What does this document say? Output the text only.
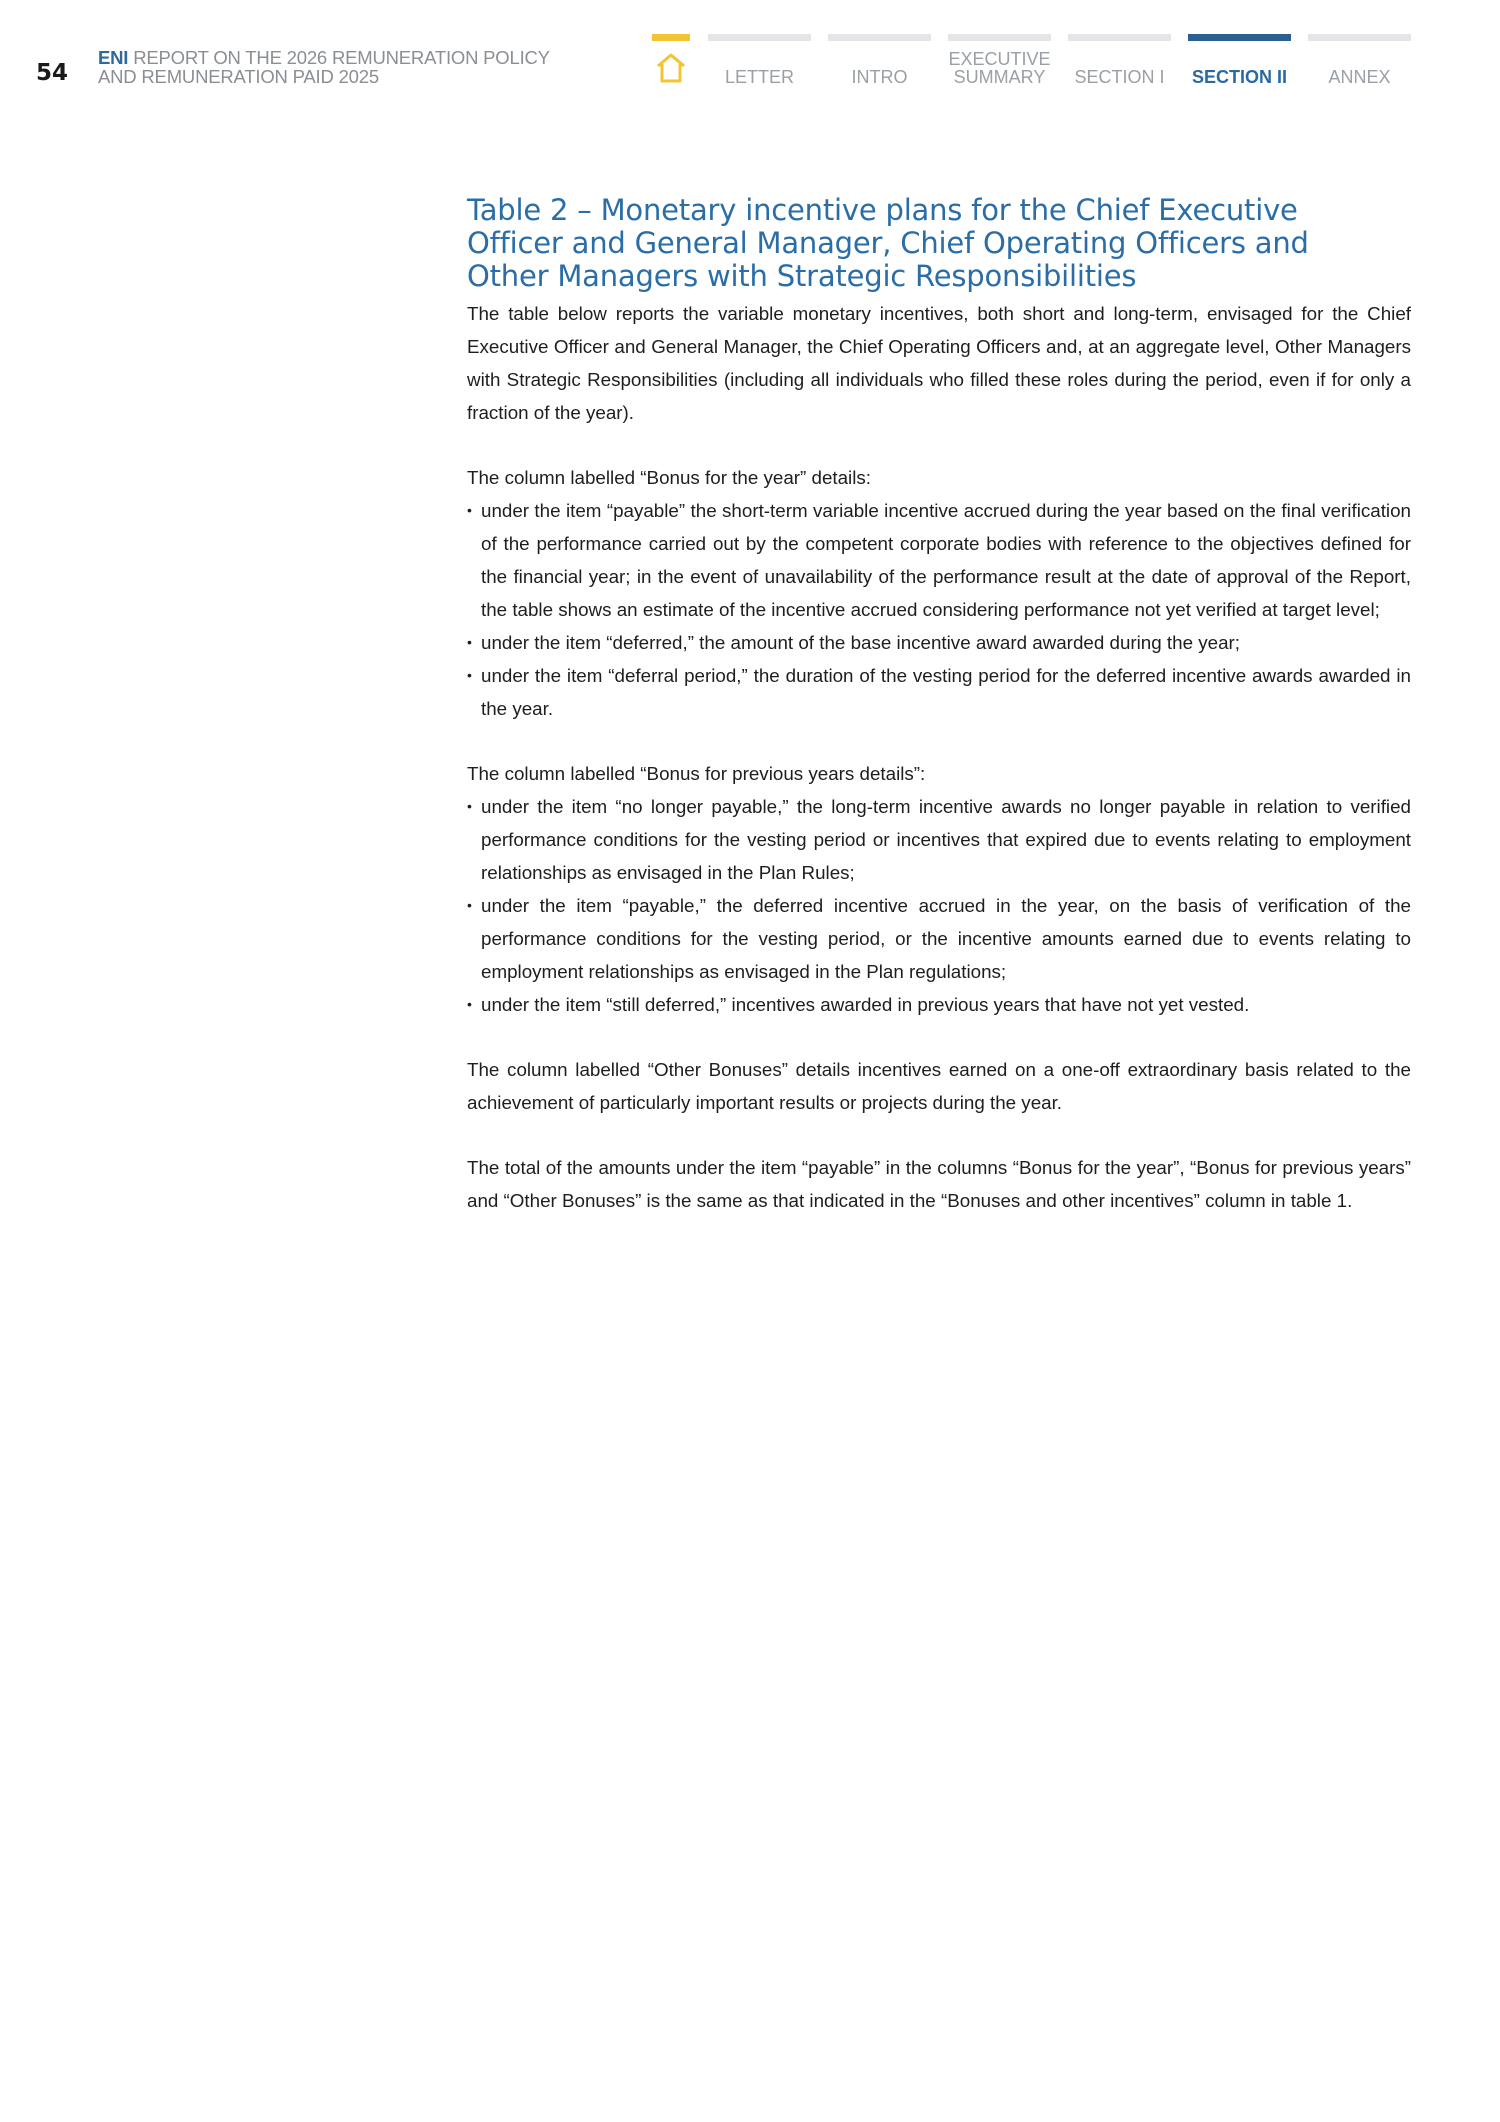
54
ENI REPORT ON THE 2026 REMUNERATION POLICY
AND REMUNERATION PAID 2025	LETTER	INTRO
EXECUTIVE
SUMMARY	SECTION I	SECTION II	ANNEX
Table 2 – Monetary incentive plans for the Chief Executive Officer and General Manager, Chief Operating Officers and Other Managers with Strategic Responsibilities

The table below reports the variable monetary incentives, both short and long-term, envisaged for the Chief Executive Officer and General Manager, the Chief Operating Officers and, at an aggregate level, Other Managers with Strategic Responsibilities (including all individuals who filled these roles during the period, even if for only a fraction of the year).

The column labelled “Bonus for the year” details:

• under the item “payable” the short-term variable incentive accrued during the year based on the final verification of the performance carried out by the competent corporate bodies with reference to the objectives defined for the financial year; in the event of unavailability of the performance result at the date of approval of the Report, the table shows an estimate of the incentive accrued considering performance not yet verified at target level;
• under the item “deferred,” the amount of the base incentive award awarded during the year;
• under the item “deferral period,” the duration of the vesting period for the deferred incentive awards awarded in the year.

The column labelled “Bonus for previous years details”:

• under the item “no longer payable,” the long-term incentive awards no longer payable in relation to verified performance conditions for the vesting period or incentives that expired due to events relating to employment relationships as envisaged in the Plan Rules;
• under the item “payable,” the deferred incentive accrued in the year, on the basis of verification of the performance conditions for the vesting period, or the incentive amounts earned due to events relating to employment relationships as envisaged in the Plan regulations;
• under the item “still deferred,” incentives awarded in previous years that have not yet vested.

The column labelled “Other Bonuses” details incentives earned on a one-off extraordinary basis related to the achievement of particularly important results or projects during the year.

The total of the amounts under the item “payable” in the columns “Bonus for the year”, “Bonus for previous years” and “Other Bonuses” is the same as that indicated in the “Bonuses and other incentives” column in table 1.
